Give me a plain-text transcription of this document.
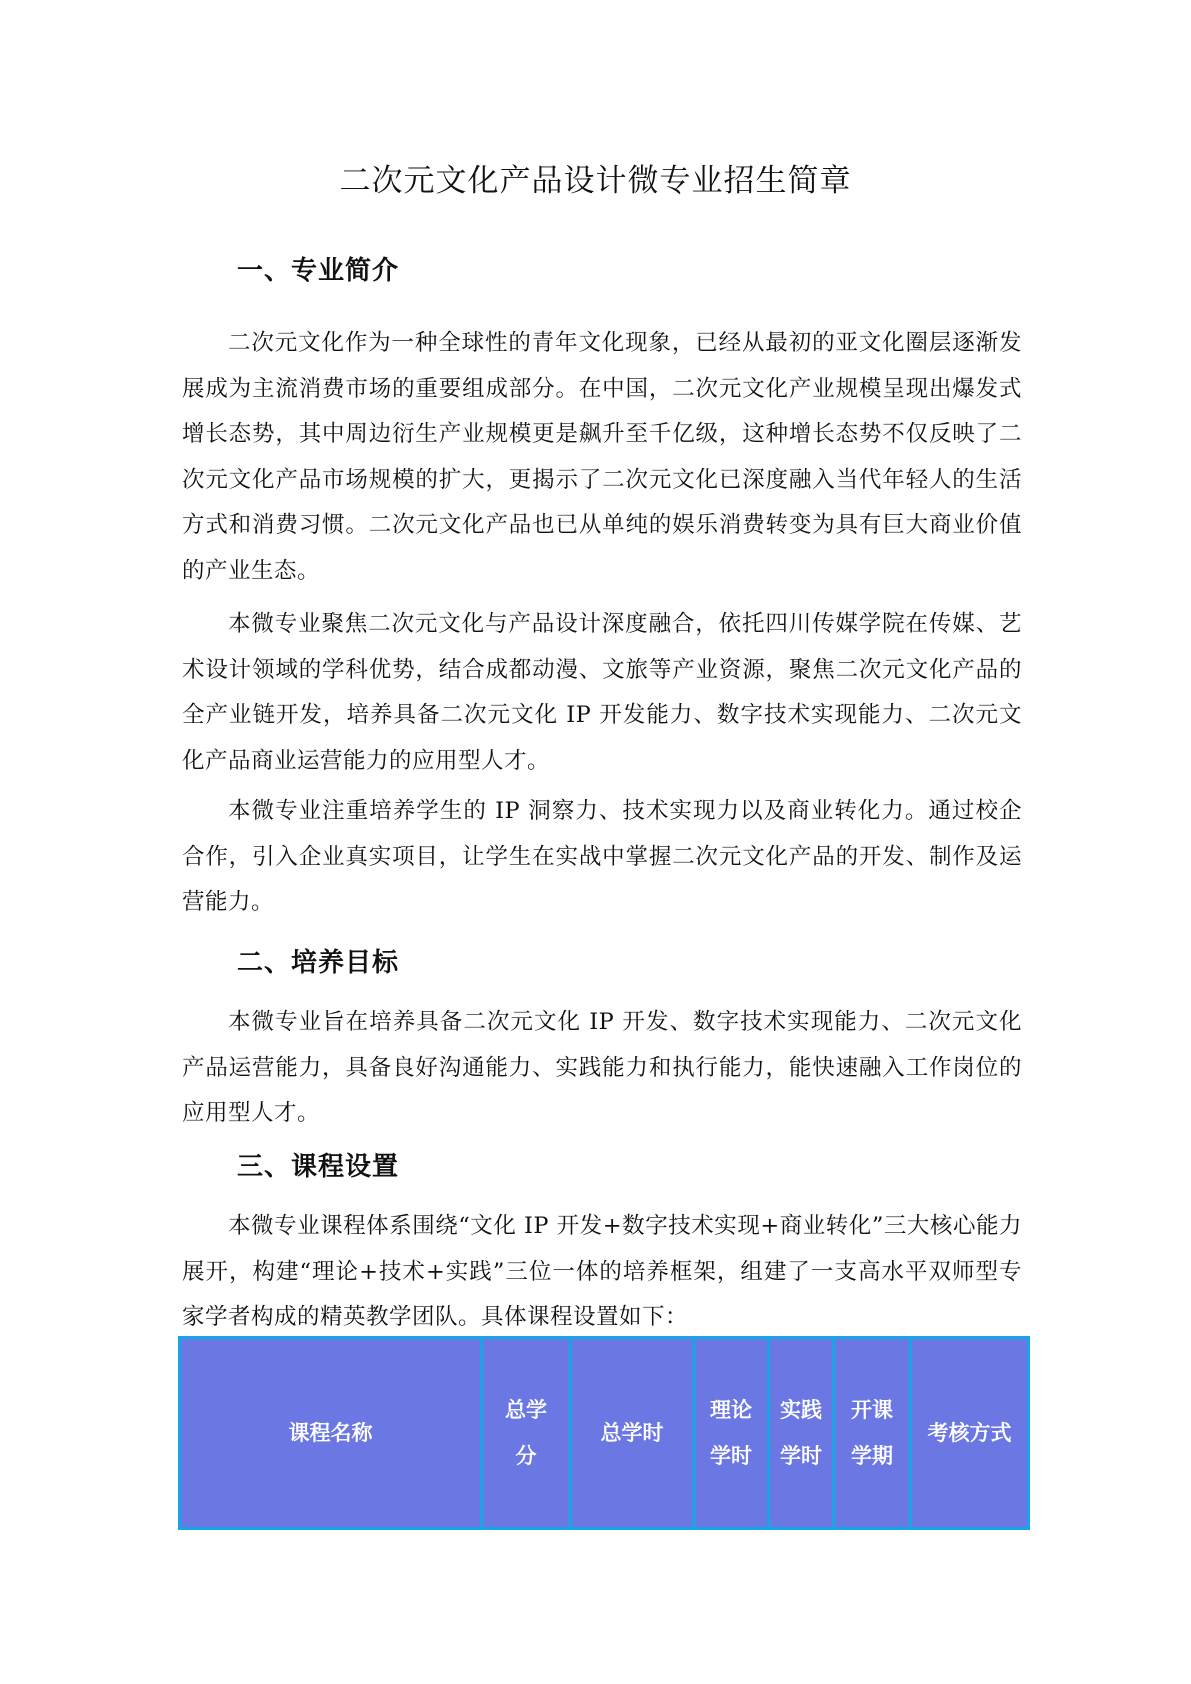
二次元文化产品设计微专业招生简章
一、专业简介

二次元文化作为一种全球性的青年文化现象，已经从最初的亚文化圈层逐渐发展成为主流消费市场的重要组成部分。在中国，二次元文化产业规模呈现出爆发式增长态势，其中周边衍生产业规模更是飙升至千亿级，这种增长态势不仅反映了二次元文化产品市场规模的扩大，更揭示了二次元文化已深度融入当代年轻人的生活方式和消费习惯。二次元文化产品也已从单纯的娱乐消费转变为具有巨大商业价值的产业生态。

本微专业聚焦二次元文化与产品设计深度融合，依托四川传媒学院在传媒、艺术设计领域的学科优势，结合成都动漫、文旅等产业资源，聚焦二次元文化产品的全产业链开发，培养具备二次元文化 IP 开发能力、数字技术实现能力、二次元文化产品商业运营能力的应用型人才。

本微专业注重培养学生的 IP 洞察力、技术实现力以及商业转化力。通过校企合作，引入企业真实项目，让学生在实战中掌握二次元文化产品的开发、制作及运营能力。

二、培养目标

本微专业旨在培养具备二次元文化 IP 开发、数字技术实现能力、二次元文化产品运营能力，具备良好沟通能力、实践能力和执行能力，能快速融入工作岗位的应用型人才。

三、课程设置

本微专业课程体系围绕“文化 IP 开发+数字技术实现+商业转化”三大核心能力展开，构建“理论+技术+实践”三位一体的培养框架，组建了一支高水平双师型专家学者构成的精英教学团队。具体课程设置如下：

课程名称	总学分	总学时	理论学时	实践学时	开课学期	考核方式
